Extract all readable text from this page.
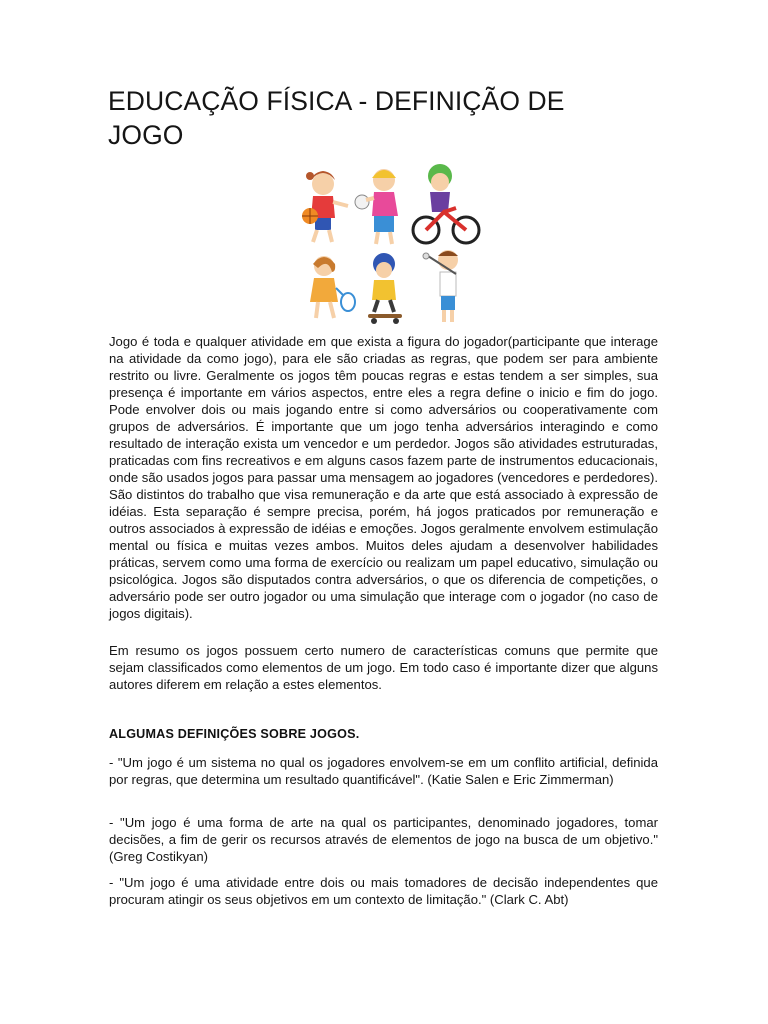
EDUCAÇÃO FÍSICA - DEFINIÇÃO DE
JOGO

Jogo é toda e qualquer atividade em que exista a figura do jogador(participante que interage na atividade da como jogo), para ele são criadas as regras, que podem ser para ambiente restrito ou livre. Geralmente os jogos têm poucas regras e estas tendem a ser simples, sua presença é importante em vários aspectos, entre eles a regra define o inicio e fim do jogo. Pode envolver dois ou mais jogando entre si como adversários ou cooperativamente com grupos de adversários. É importante que um jogo tenha adversários interagindo e como resultado de interação exista um vencedor e um perdedor. Jogos são atividades estruturadas, praticadas com fins recreativos e em alguns casos fazem parte de instrumentos educacionais, onde são usados jogos para passar uma mensagem ao jogadores (vencedores e perdedores). São distintos do trabalho que visa remuneração e da arte que está associado à expressão de idéias. Esta separação é sempre precisa, porém, há jogos praticados por remuneração e outros associados à expressão de idéias e emoções. Jogos geralmente envolvem estimulação mental ou física e muitas vezes ambos. Muitos deles ajudam a desenvolver habilidades práticas, servem como uma forma de exercício ou realizam um papel educativo, simulação ou psicológica. Jogos são disputados contra adversários, o que os diferencia de competições, o adversário pode ser outro jogador ou uma simulação que interage com o jogador (no caso de jogos digitais).

Em resumo os jogos possuem certo numero de características comuns que permite que sejam classificados como elementos de um jogo. Em todo caso é importante dizer que alguns autores diferem em relação a estes elementos.

ALGUMAS DEFINIÇÕES SOBRE JOGOS.

- "Um jogo é um sistema no qual os jogadores envolvem-se em um conflito artificial, definida por regras, que determina um resultado quantificável". (Katie Salen e Eric Zimmerman)

- "Um jogo é uma forma de arte na qual os participantes, denominado jogadores, tomar decisões, a fim de gerir os recursos através de elementos de jogo na busca de um objetivo." (Greg Costikyan)

- "Um jogo é uma atividade entre dois ou mais tomadores de decisão independentes que procuram atingir os seus objetivos em um contexto de limitação." (Clark C. Abt)
